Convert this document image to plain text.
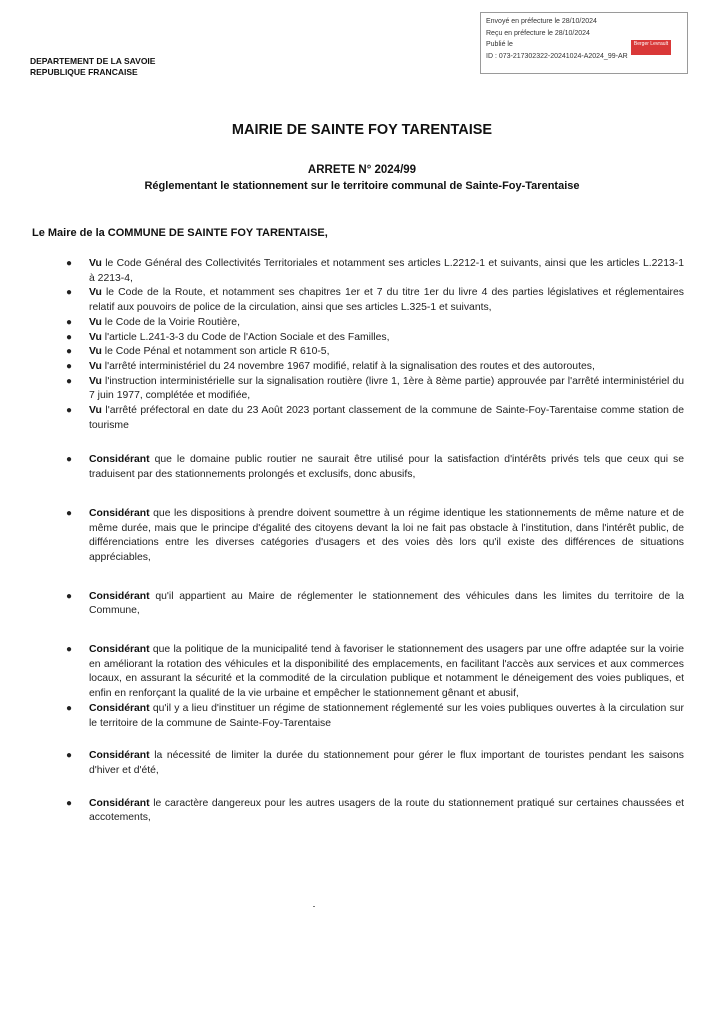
Envoyé en préfecture le 28/10/2024
Reçu en préfecture le 28/10/2024
Publié le
ID : 073-217302322-20241024-A2024_99-AR
Berger Levrault
DEPARTEMENT DE LA SAVOIE
REPUBLIQUE FRANCAISE
MAIRIE DE SAINTE FOY TARENTAISE
ARRETE N° 2024/99
Réglementant le stationnement sur le territoire communal de Sainte-Foy-Tarentaise
Le Maire de la COMMUNE DE SAINTE FOY TARENTAISE,
● Vu le Code Général des Collectivités Territoriales et notamment ses articles L.2212-1 et suivants, ainsi que les articles L.2213-1 à 2213-4,
● Vu le Code de la Route, et notamment ses chapitres 1er et 7 du titre 1er du livre 4 des parties législatives et réglementaires relatif aux pouvoirs de police de la circulation, ainsi que ses articles L.325-1 et suivants,
● Vu le Code de la Voirie Routière,
● Vu l'article L.241-3-3 du Code de l'Action Sociale et des Familles,
● Vu le Code Pénal et notamment son article R 610-5,
● Vu l'arrêté interministériel du 24 novembre 1967 modifié, relatif à la signalisation des routes et des autoroutes,
● Vu l'instruction interministérielle sur la signalisation routière (livre 1, 1ère à 8ème partie) approuvée par l'arrêté interministériel du 7 juin 1977, complétée et modifiée,
● Vu l'arrêté préfectoral en date du 23 Août 2023 portant classement de la commune de Sainte-Foy-Tarentaise comme station de tourisme
● Considérant que le domaine public routier ne saurait être utilisé pour la satisfaction d'intérêts privés tels que ceux qui se traduisent par des stationnements prolongés et exclusifs, donc abusifs,
● Considérant que les dispositions à prendre doivent soumettre à un régime identique les stationnements de même nature et de même durée, mais que le principe d'égalité des citoyens devant la loi ne fait pas obstacle à l'institution, dans l'intérêt public, de différenciations entre les diverses catégories d'usagers et des voies dès lors qu'il existe des différences de situations appréciables,
● Considérant qu'il appartient au Maire de réglementer le stationnement des véhicules dans les limites du territoire de la Commune,
● Considérant que la politique de la municipalité tend à favoriser le stationnement des usagers par une offre adaptée sur la voirie en améliorant la rotation des véhicules et la disponibilité des emplacements, en facilitant l'accès aux services et aux commerces locaux, en assurant la sécurité et la commodité de la circulation publique et notamment le déneigement des voies publiques, et enfin en renforçant la qualité de la vie urbaine et empêcher le stationnement gênant et abusif,
● Considérant qu'il y a lieu d'instituer un régime de stationnement réglementé sur les voies publiques ouvertes à la circulation sur le territoire de la commune de Sainte-Foy-Tarentaise
● Considérant la nécessité de limiter la durée du stationnement pour gérer le flux important de touristes pendant les saisons d'hiver et d'été,
● Considérant le caractère dangereux pour les autres usagers de la route du stationnement pratiqué sur certaines chaussées et accotements,
